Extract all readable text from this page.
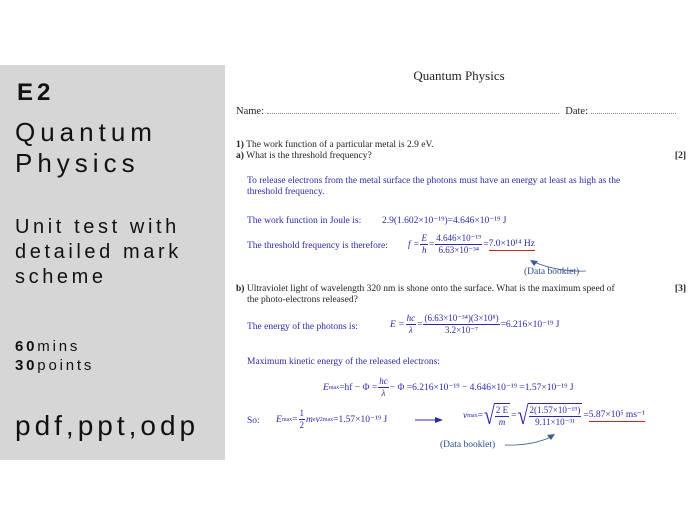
E2
Quantum
Physics
Unit test with
detailed mark
scheme
60mins
30points
pdf,ppt,odp
Quantum Physics
Name:	Date:
1) The work function of a particular metal is 2.9 eV.
a) What is the threshold frequency?	[2]
To release electrons from the metal surface the photons must have an energy at least as high as the
threshold frequency.
The work function in Joule is: 2.9(1.602×10⁻¹⁹)=4.646×10⁻¹⁹ J
The threshold frequency is therefore: $f = \frac{E}{h} = \frac{\text{4.646×10⁻¹⁹}}{\text{6.63×10⁻³⁴}} = 7.0\times 10^{14}$ Hz
(Data booklet)
b) Ultraviolet light of wavelength 320 nm is shone onto the surface. What is the maximum speed of
the photo-electrons released?
[3]
The energy of the photons is:	$E = \frac{hc}{\lambda} = \frac{\text{(6.63×10⁻³⁴)(3×10⁸)}}{\text{3.2×10⁻⁷}} =6.216\times 10^{-19}$ J
Maximum kinetic energy of the released electrons:
E $\max =hf - \Phi = \frac{hc}{\lambda} - \Phi =6.216\times 10^{-19} - 4.646\times 10^{-19} =1.57\times 10^{-19}$ J
So: E $\max = \frac{1}{2}$ m e v 2 max =1.57×10⁻¹⁹ J	v max = √ $\frac{2 E}{m}$ = √ $\frac{\text{2(1.57×10⁻¹⁹)}}{\text{9.11×10⁻³¹}} = 5.87\times 10^5$ ms⁻¹
(Data booklet)
